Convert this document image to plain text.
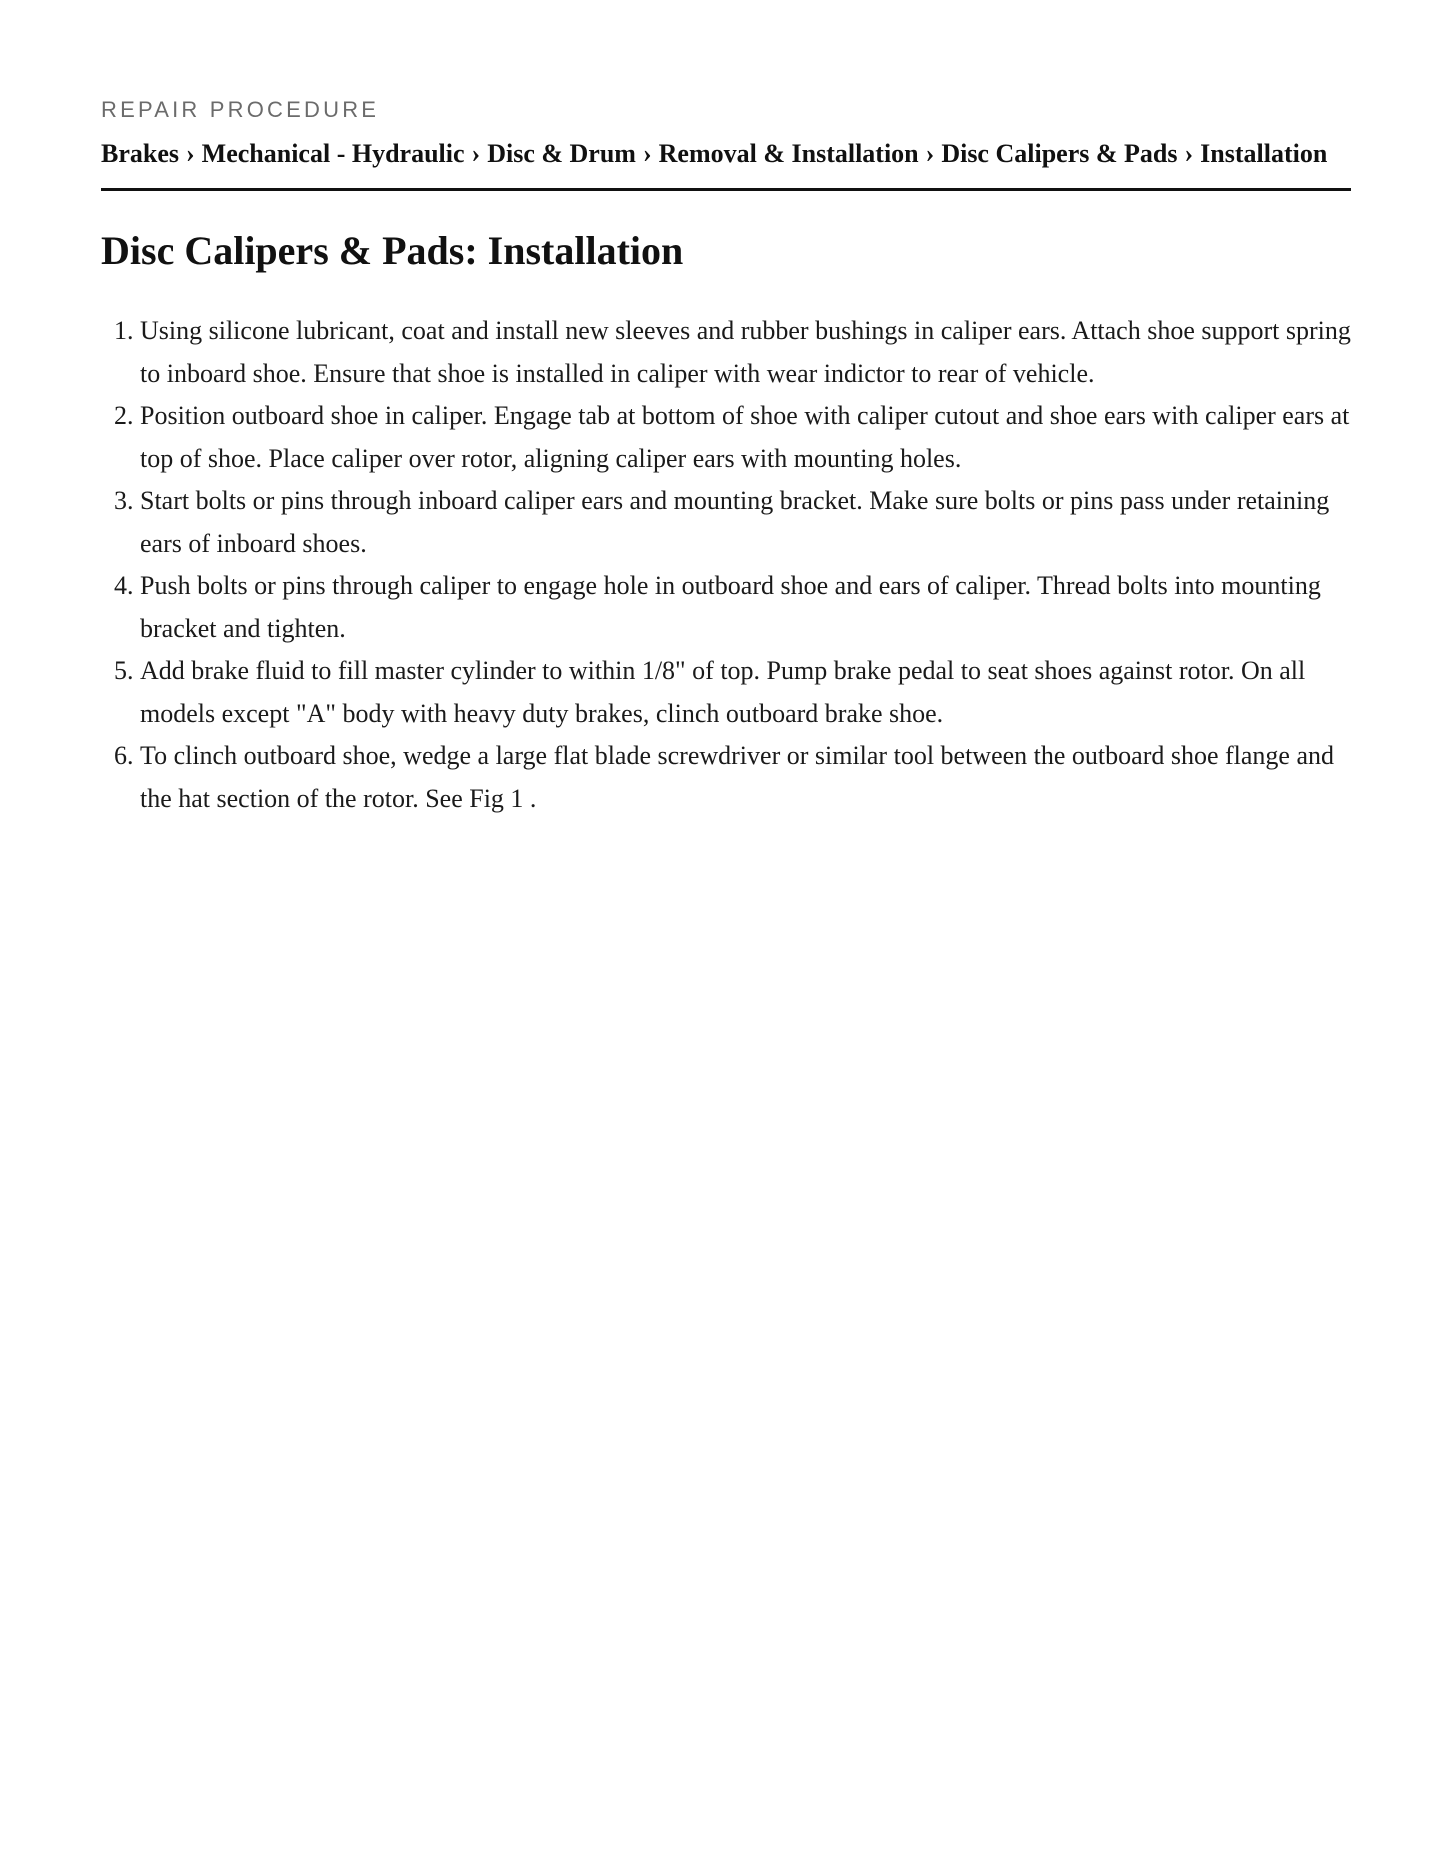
REPAIR PROCEDURE
Brakes › Mechanical - Hydraulic › Disc & Drum › Removal & Installation › Disc Calipers & Pads › Installation
Disc Calipers & Pads: Installation
1. Using silicone lubricant, coat and install new sleeves and rubber bushings in caliper ears. Attach shoe support spring to inboard shoe. Ensure that shoe is installed in caliper with wear indictor to rear of vehicle.
2. Position outboard shoe in caliper. Engage tab at bottom of shoe with caliper cutout and shoe ears with caliper ears at top of shoe. Place caliper over rotor, aligning caliper ears with mounting holes.
3. Start bolts or pins through inboard caliper ears and mounting bracket. Make sure bolts or pins pass under retaining ears of inboard shoes.
4. Push bolts or pins through caliper to engage hole in outboard shoe and ears of caliper. Thread bolts into mounting bracket and tighten.
5. Add brake fluid to fill master cylinder to within 1/8" of top. Pump brake pedal to seat shoes against rotor. On all models except "A" body with heavy duty brakes, clinch outboard brake shoe.
6. To clinch outboard shoe, wedge a large flat blade screwdriver or similar tool between the outboard shoe flange and the hat section of the rotor. See Fig 1 .
